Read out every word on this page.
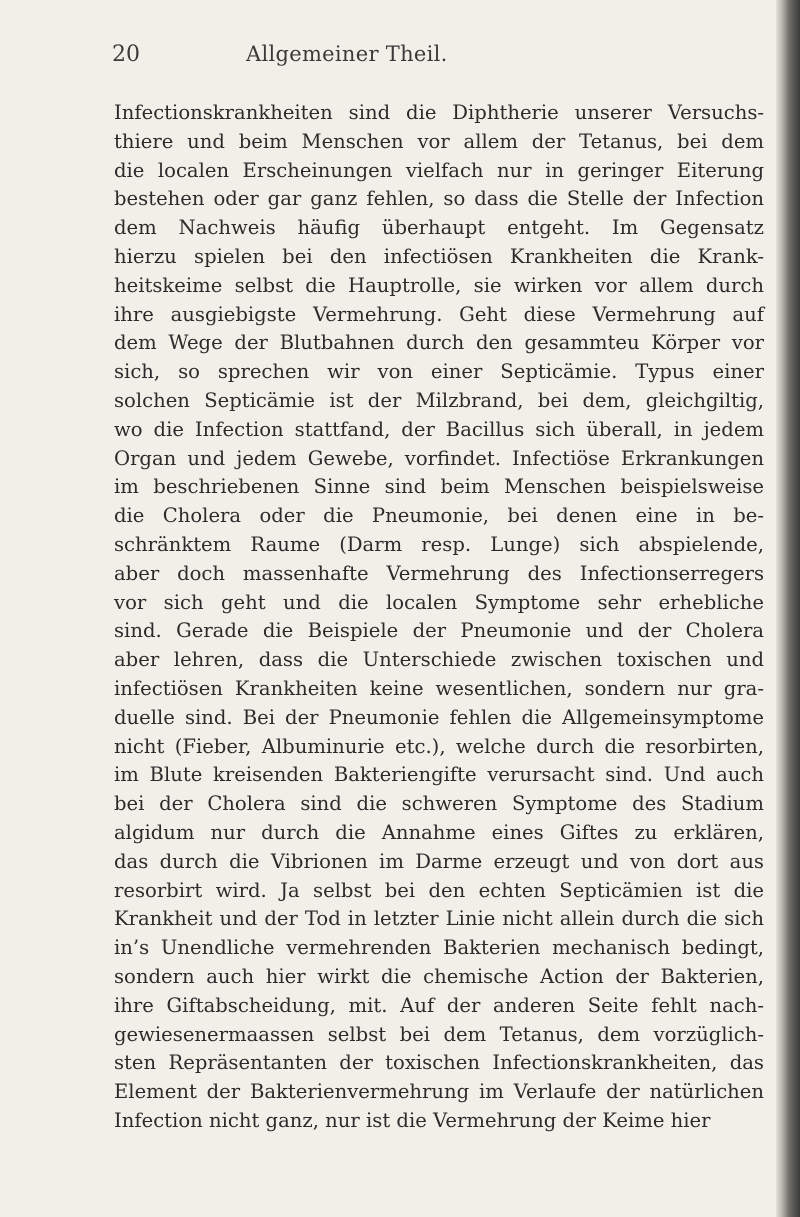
20	Allgemeiner Theil.
Infectionskrankheiten sind die Diphtherie unserer Versuchs-
thiere und beim Menschen vor allem der Tetanus, bei dem
die localen Erscheinungen vielfach nur in geringer Eiterung
bestehen oder gar ganz fehlen, so dass die Stelle der Infection
dem Nachweis häufig überhaupt entgeht. Im Gegensatz
hierzu spielen bei den infectiösen Krankheiten die Krank-
heitskeime selbst die Hauptrolle, sie wirken vor allem durch
ihre ausgiebigste Vermehrung. Geht diese Vermehrung auf
dem Wege der Blutbahnen durch den gesammteu Körper vor
sich, so sprechen wir von einer Septicämie. Typus einer
solchen Septicämie ist der Milzbrand, bei dem, gleichgiltig,
wo die Infection stattfand, der Bacillus sich überall, in jedem
Organ und jedem Gewebe, vorfindet. Infectiöse Erkrankungen
im beschriebenen Sinne sind beim Menschen beispielsweise
die Cholera oder die Pneumonie, bei denen eine in be-
schränktem Raume (Darm resp. Lunge) sich abspielende,
aber doch massenhafte Vermehrung des Infectionserregers
vor sich geht und die localen Symptome sehr erhebliche
sind. Gerade die Beispiele der Pneumonie und der Cholera
aber lehren, dass die Unterschiede zwischen toxischen und
infectiösen Krankheiten keine wesentlichen, sondern nur gra-
duelle sind. Bei der Pneumonie fehlen die Allgemeinsymptome
nicht (Fieber, Albuminurie etc.), welche durch die resorbirten,
im Blute kreisenden Bakteriengifte verursacht sind. Und auch
bei der Cholera sind die schweren Symptome des Stadium
algidum nur durch die Annahme eines Giftes zu erklären,
das durch die Vibrionen im Darme erzeugt und von dort aus
resorbirt wird. Ja selbst bei den echten Septicämien ist die
Krankheit und der Tod in letzter Linie nicht allein durch die sich
in’s Unendliche vermehrenden Bakterien mechanisch bedingt,
sondern auch hier wirkt die chemische Action der Bakterien,
ihre Giftabscheidung, mit. Auf der anderen Seite fehlt nach-
gewiesenermaassen selbst bei dem Tetanus, dem vorzüglich-
sten Repräsentanten der toxischen Infectionskrankheiten, das
Element der Bakterienvermehrung im Verlaufe der natürlichen
Infection nicht ganz, nur ist die Vermehrung der Keime hier
